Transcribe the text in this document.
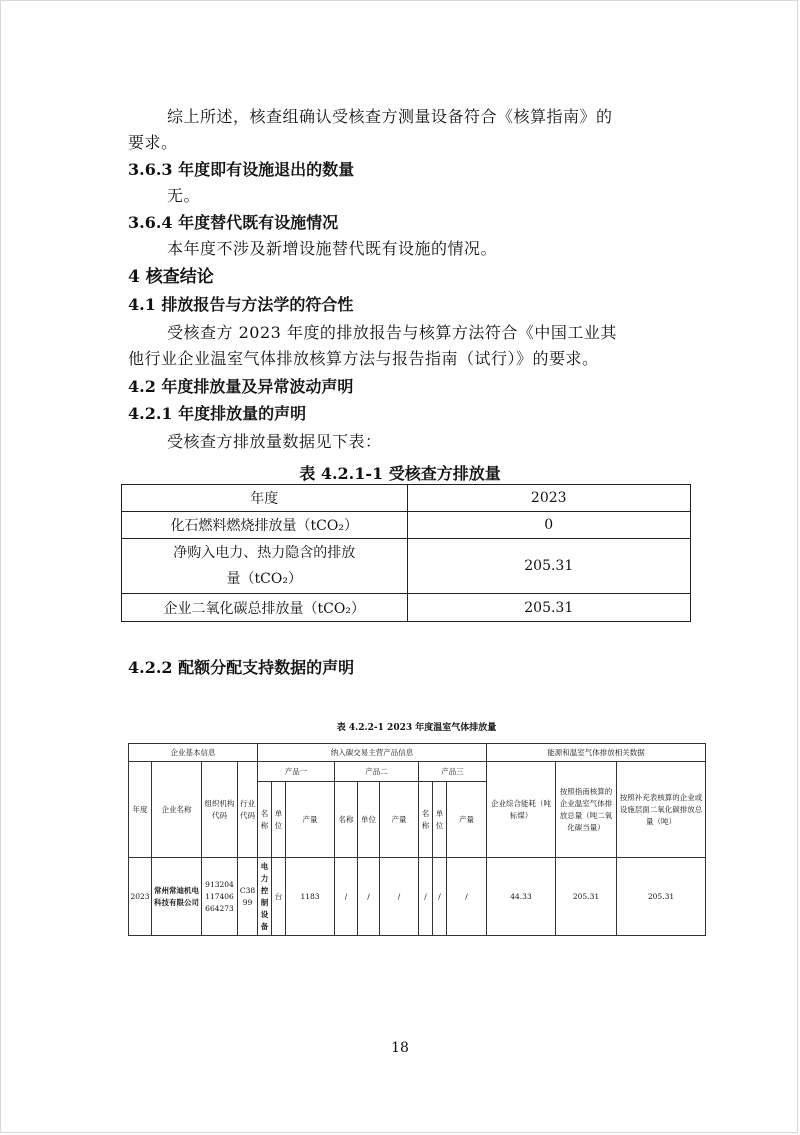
综上所述，核查组确认受核查方测量设备符合《核算指南》的
要求。
3.6.3 年度即有设施退出的数量
无。
3.6.4 年度替代既有设施情况
本年度不涉及新增设施替代既有设施的情况。
4 核查结论
4.1 排放报告与方法学的符合性
受核查方 2023 年度的排放报告与核算方法符合《中国工业其
他行业企业温室气体排放核算方法与报告指南（试行）》的要求。
4.2 年度排放量及异常波动声明
4.2.1 年度排放量的声明
受核查方排放量数据见下表：
表 4.2.1-1 受核查方排放量
年度	2023
化石燃料燃烧排放量（tCO₂）	0

净购入电力、热力隐含的排放
量（tCO₂）	205.31
企业二氧化碳总排放量（tCO₂）	205.31
4.2.2 配额分配支持数据的声明
表 4.2.2-1 2023 年度温室气体排放量
企业基本信息				纳入碳交易主营产品信息									能源和温室气体排放相关数据		
年度	企业名称	组织机构代码	行业代码	产品一			产品二			产品三			企业综合能耗（吨标煤）	按照指南核算的企业温室气体排放总量（吨二氧化碳当量）	按照补充表核算的企业或设施层面二氧化碳排放总量（吨）
				名称	单位	产量	名称	单位	产量	名称	单位	产量			
2023	常州常迪机电科技有限公司	913204117406664273	C3899	电力控制设备	台	1183	/	/	/	/	/	/	44.33	205.31	205.31
18
